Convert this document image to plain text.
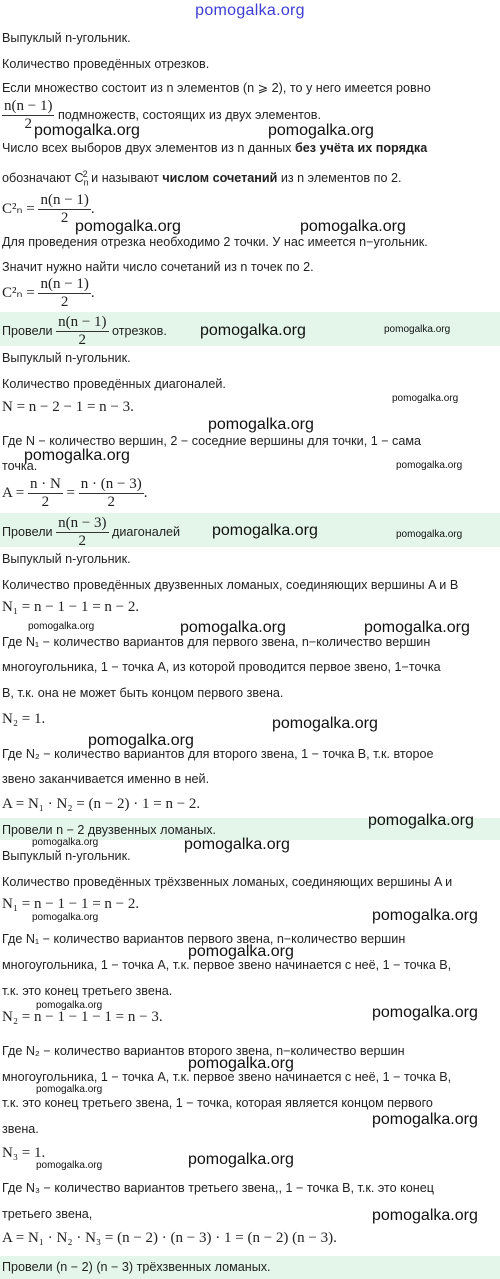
pomogalka.org
Выпуклый n-угольник.
Количество проведённых отрезков.
Если множество состоит из n элементов (n ⩾ 2), то у него имеется ровно
$\frac{n(n - 1)}{2}$ подмножеств, состоящих из двух элементов.
Число всех выборов двух элементов из n данных без учёта их порядка
обозначают $C_n^2$ и называют числом сочетаний из n элементов по 2.
$C^2_n = \frac{n(n - 1)}{2}$ .
Для проведения отрезка необходимо 2 точки. У нас имеется n−угольник.
Значит нужно найти число сочетаний из n точек по 2.
$C^2_n = \frac{n(n - 1)}{2}$ .
Провели $\frac{n(n - 1)}{2}$ отрезков.
Выпуклый n-угольник.
Количество проведённых диагоналей.
N = n − 2 − 1 = n − 3.
Где N − количество вершин, 2 − соседние вершины для точки, 1 − сама
точка.
$A = \frac{n \cdot N}{2} = \frac{n \cdot (n - 3)}{2}$ .
Провели $\frac{n(n - 3)}{2}$ диагоналей
Выпуклый n-угольник.
Количество проведённых двузвенных ломаных, соединяющих вершины A и B
N₁ = n − 1 − 1 = n − 2.
Где N₁ − количество вариантов для первого звена, n−количество вершин
многоугольника, 1 − точка A, из которой проводится первое звено, 1−точка
B, т.к. она не может быть концом первого звена.
N₂ = 1.
Где N₂ − количество вариантов для второго звена, 1 − точка B, т.к. второе
звено заканчивается именно в ней.
A = N₁ · N₂ = (n − 2) · 1 = n − 2.
Провели n − 2 двузвенных ломаных.
Выпуклый n-угольник.
Количество проведённых трёхзвенных ломаных, соединяющих вершины A и
N₁ = n − 1 − 1 = n − 2.
Где N₁ − количество вариантов первого звена, n−количество вершин
многоугольника, 1 − точка A, т.к. первое звено начинается с неё, 1 − точка B,
т.к. это конец третьего звена.
N₂ = n − 1 − 1 − 1 = n − 3.
Где N₂ − количество вариантов второго звена, n−количество вершин
многоугольника, 1 − точка A, т.к. первое звено начинается с неё, 1 − точка B,
т.к. это конец третьего звена, 1 − точка, которая является концом первого
звена.
N₃ = 1.
Где N₃ − количество вариантов третьего звена,, 1 − точка B, т.к. это конец
третьего звена,
A = N₁ · N₂ · N₃ = (n − 2) · (n − 3) · 1 = (n − 2) (n − 3).
Провели (n − 2) (n − 3) трёхзвенных ломаных.
pomogalka.org	pomogalka.org
pomogalka.org	pomogalka.org
pomogalka.org	pomogalka.org
pomogalka.org
pomogalka.org
pomogalka.org
pomogalka.org
pomogalka.org	pomogalka.org
pomogalka.org	pomogalka.org	pomogalka.org
pomogalka.org
pomogalka.org
pomogalka.org
pomogalka.org	pomogalka.org
pomogalka.org
pomogalka.org
pomogalka.org
pomogalka.org	pomogalka.org
pomogalka.org
pomogalka.org
pomogalka.org
pomogalka.org
pomogalka.org
pomogalka.org
